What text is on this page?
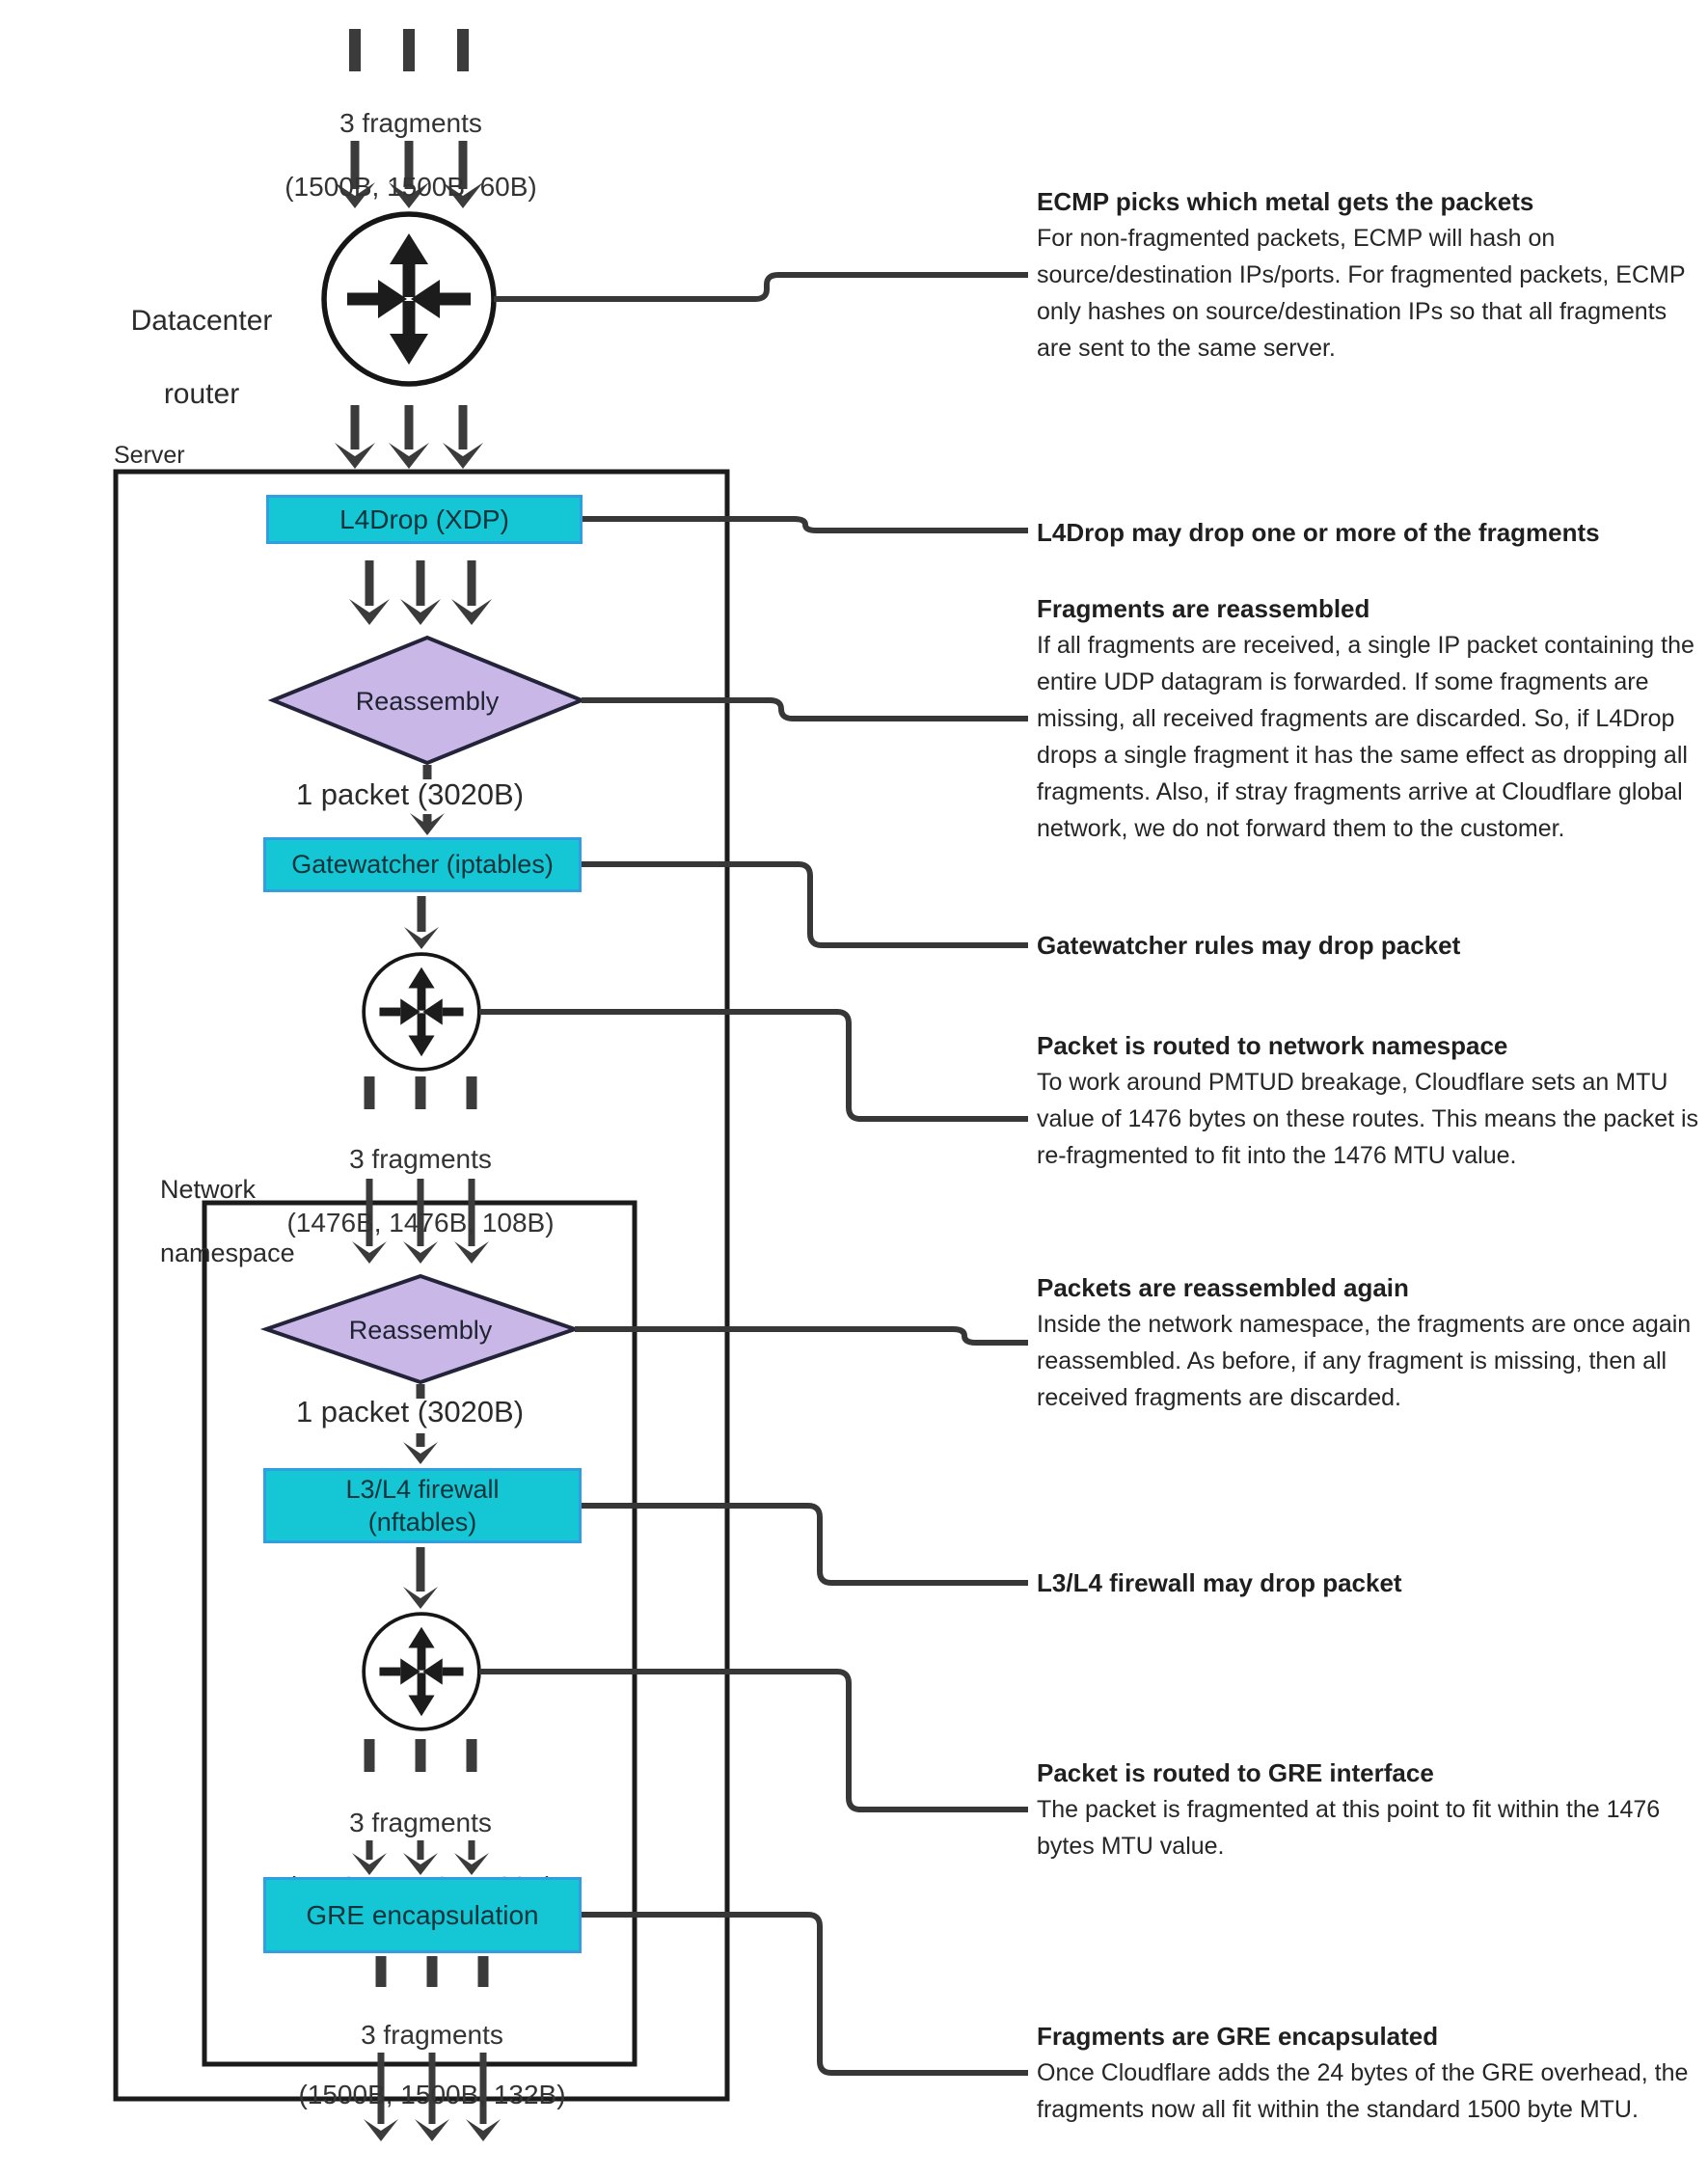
3 fragments

(1500B, 1500B, 60B)

Datacenter

router

Server
L4Drop (XDP)
Reassembly
1 packet (3020B)
Gatewatcher (iptables)

3 fragments

(1476B, 1476B, 108B)

Network

namespace

Reassembly
1 packet (3020B)
L3/L4 firewall
(nftables)

3 fragments

GRE encapsulation

3 fragments

(1500B, 1500B, 132B)

ECMP picks which metal gets the packets

For non-fragmented packets, ECMP will hash on source/destination IPs/ports. For fragmented packets, ECMP only hashes on source/destination IPs so that all fragments are sent to the same server.

L4Drop may drop one or more of the fragments
Fragments are reassembled

If all fragments are received, a single IP packet containing the entire UDP datagram is forwarded. If some fragments are missing, all received fragments are discarded. So, if L4Drop drops a single fragment it has the same effect as dropping all fragments. Also, if stray fragments arrive at Cloudflare global network, we do not forward them to the customer.

Gatewatcher rules may drop packet
Packet is routed to network namespace

To work around PMTUD breakage, Cloudflare sets an MTU value of 1476 bytes on these routes. This means the packet is re-fragmented to fit into the 1476 MTU value.

Packets are reassembled again

Inside the network namespace, the fragments are once again reassembled. As before, if any fragment is missing, then all received fragments are discarded.

L3/L4 firewall may drop packet
Packet is routed to GRE interface

The packet is fragmented at this point to fit within the 1476 bytes MTU value.

Fragments are GRE encapsulated

Once Cloudflare adds the 24 bytes of the GRE overhead, the fragments now all fit within the standard 1500 byte MTU.
